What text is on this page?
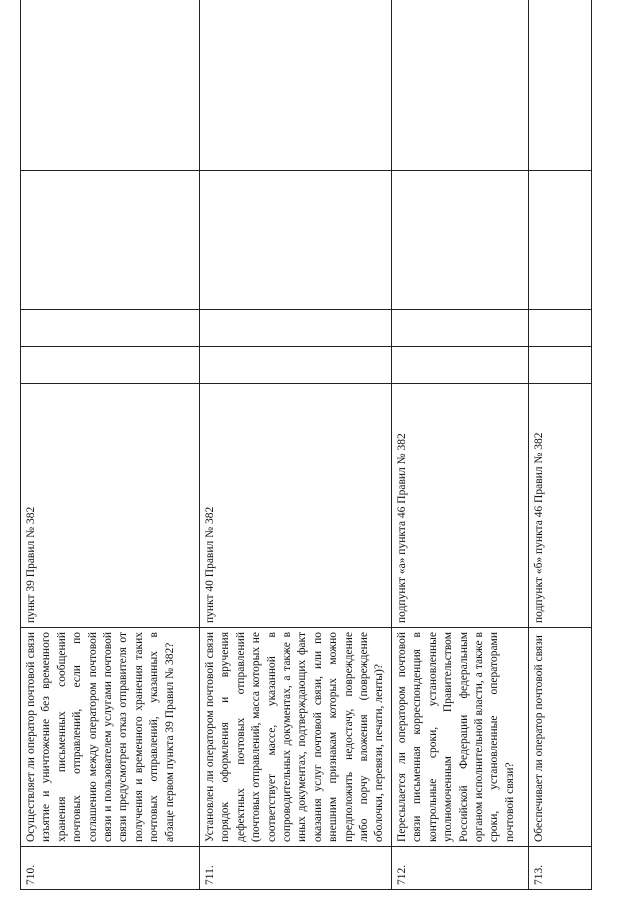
710.	Осуществляет ли оператор почтовой связи изъятие и уничтожение без временного хранения письменных сообщений почтовых отправлений, если по соглашению между оператором почтовой связи и пользователем услугами почтовой связи предусмотрен отказ отправителя от получения и временного хранения таких почтовых отправлений, указанных в абзаце первом пункта 39 Правил № 382?	пункт 39 Правил № 382				
711.	Установлен ли оператором почтовой связи порядок оформления и вручения дефектных почтовых отправлений (почтовых отправлений, масса которых не соответствует массе, указанной в сопроводительных документах, а также в иных документах, подтверждающих факт оказания услуг почтовой связи, или по внешним признакам которых можно предположить недостачу, повреждение либо порчу вложения (повреждение оболочки, перевязи, печати, ленты)?	пункт 40 Правил № 382				
712.	Пересылается ли оператором почтовой связи письменная корреспонденция в контрольные сроки, установленные уполномоченным Правительством Российской Федерации федеральным органом исполнительной власти, а также в сроки, установленные операторами почтовой связи?	подпункт «а» пункта 46 Правил № 382				
713.	Обеспечивает ли оператор почтовой связи	подпункт «б» пункта 46 Правил № 382				
